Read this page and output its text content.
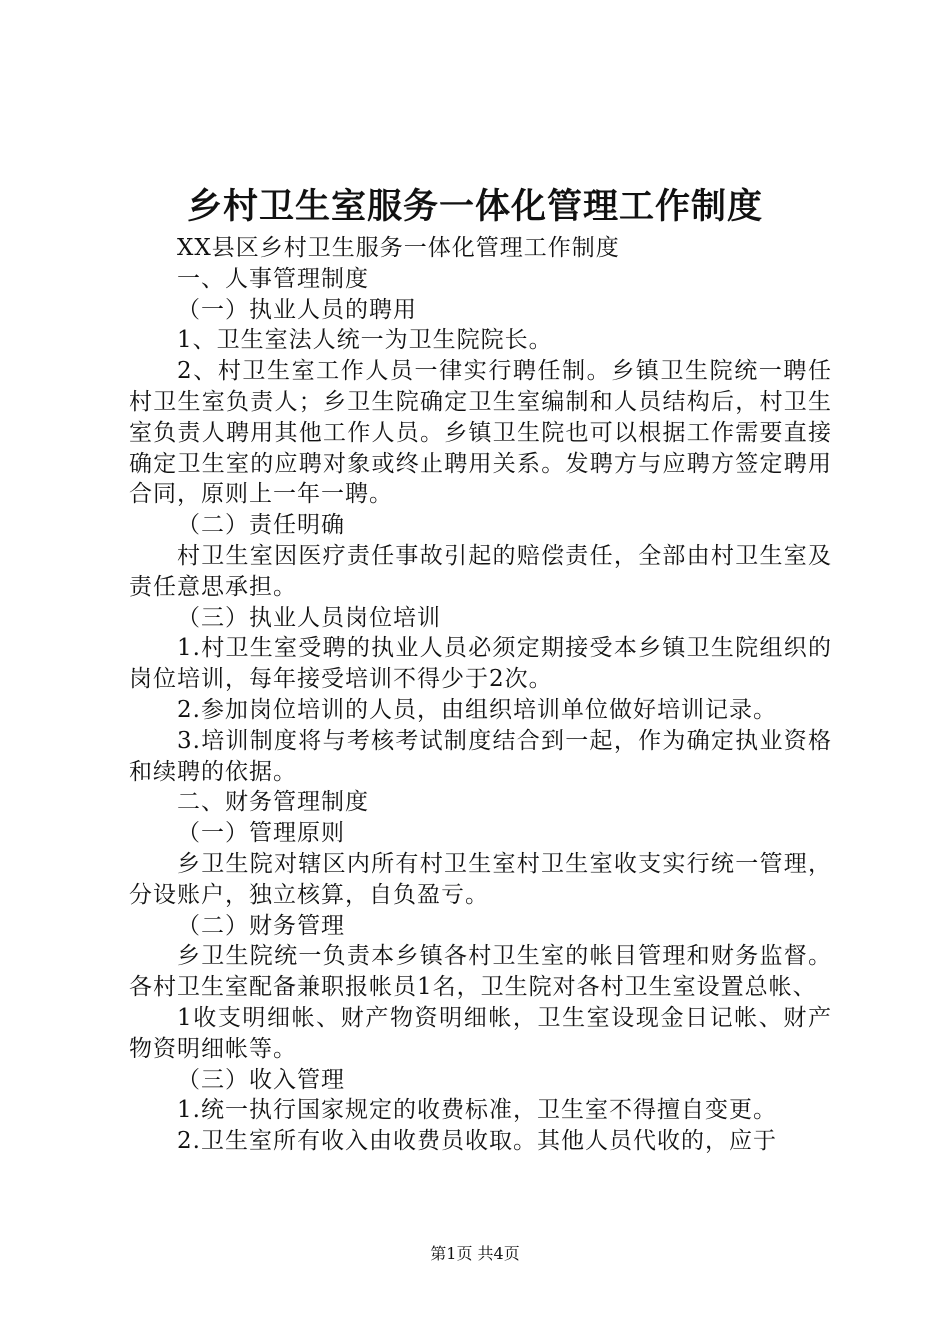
乡村卫生室服务一体化管理工作制度

XX县区乡村卫生服务一体化管理工作制度

一、人事管理制度

（一）执业人员的聘用

1、卫生室法人统一为卫生院院长。

2、村卫生室工作人员一律实行聘任制。乡镇卫生院统一聘任村卫生室负责人；乡卫生院确定卫生室编制和人员结构后，村卫生室负责人聘用其他工作人员。乡镇卫生院也可以根据工作需要直接确定卫生室的应聘对象或终止聘用关系。发聘方与应聘方签定聘用合同，原则上一年一聘。

（二）责任明确

村卫生室因医疗责任事故引起的赔偿责任，全部由村卫生室及责任意思承担。

（三）执业人员岗位培训

1.村卫生室受聘的执业人员必须定期接受本乡镇卫生院组织的岗位培训，每年接受培训不得少于2次。

2.参加岗位培训的人员，由组织培训单位做好培训记录。

3.培训制度将与考核考试制度结合到一起，作为确定执业资格和续聘的依据。

二、财务管理制度

（一）管理原则

乡卫生院对辖区内所有村卫生室村卫生室收支实行统一管理，分设账户，独立核算，自负盈亏。

（二）财务管理

乡卫生院统一负责本乡镇各村卫生室的帐目管理和财务监督。各村卫生室配备兼职报帐员1名，卫生院对各村卫生室设置总帐、

1收支明细帐、财产物资明细帐，卫生室设现金日记帐、财产物资明细帐等。

（三）收入管理

1.统一执行国家规定的收费标准，卫生室不得擅自变更。

2.卫生室所有收入由收费员收取。其他人员代收的，应于

第1页 共4页
